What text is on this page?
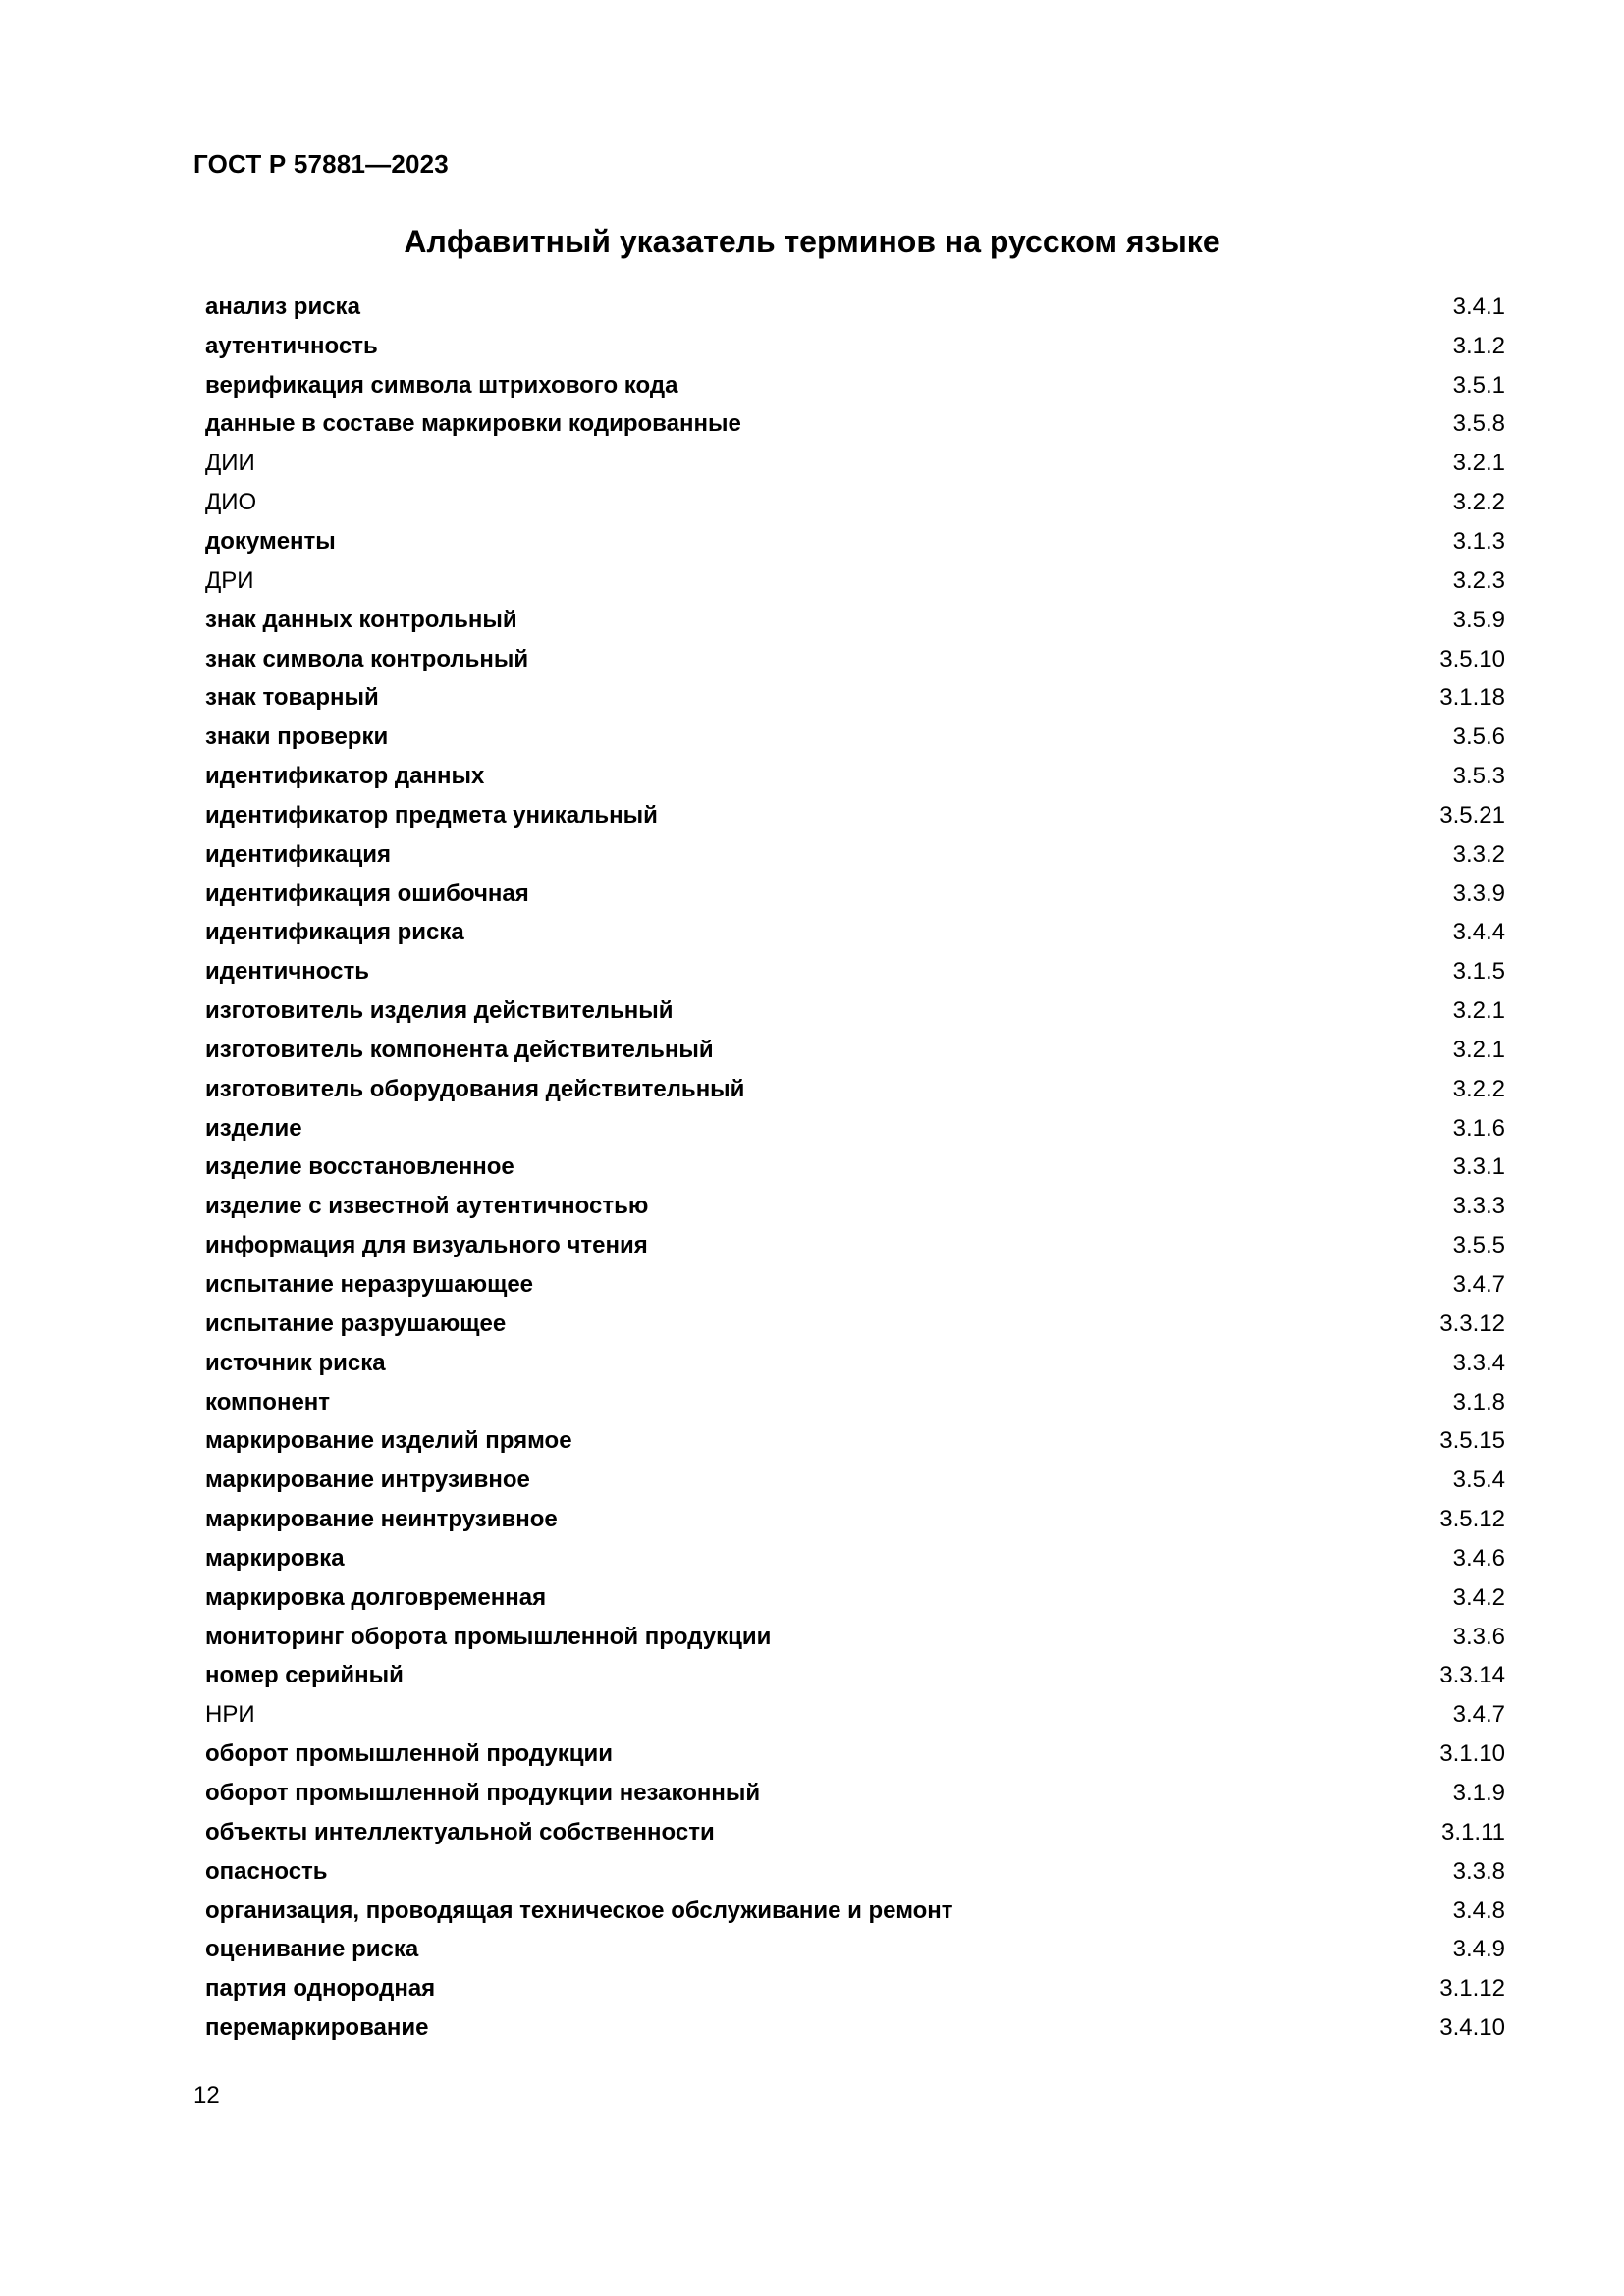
ГОСТ Р 57881—2023

Алфавитный указатель терминов на русском языке
анализ риска	3.4.1
аутентичность	3.1.2
верификация символа штрихового кода	3.5.1
данные в составе маркировки кодированные	3.5.8
ДИИ	3.2.1
ДИО	3.2.2
документы	3.1.3
ДРИ	3.2.3
знак данных контрольный	3.5.9
знак символа контрольный	3.5.10
знак товарный	3.1.18
знаки проверки	3.5.6
идентификатор данных	3.5.3
идентификатор предмета уникальный	3.5.21
идентификация	3.3.2
идентификация ошибочная	3.3.9
идентификация риска	3.4.4
идентичность	3.1.5
изготовитель изделия действительный	3.2.1
изготовитель компонента действительный	3.2.1
изготовитель оборудования действительный	3.2.2
изделие	3.1.6
изделие восстановленное	3.3.1
изделие с известной аутентичностью	3.3.3
информация для визуального чтения	3.5.5
испытание неразрушающее	3.4.7
испытание разрушающее	3.3.12
источник риска	3.3.4
компонент	3.1.8
маркирование изделий прямое	3.5.15
маркирование интрузивное	3.5.4
маркирование неинтрузивное	3.5.12
маркировка	3.4.6
маркировка долговременная	3.4.2
мониторинг оборота промышленной продукции	3.3.6
номер серийный	3.3.14
НРИ	3.4.7
оборот промышленной продукции	3.1.10
оборот промышленной продукции незаконный	3.1.9
объекты интеллектуальной собственности	3.1.11
опасность	3.3.8
организация, проводящая техническое обслуживание и ремонт	3.4.8
оценивание риска	3.4.9
партия однородная	3.1.12
перемаркирование	3.4.10

12
